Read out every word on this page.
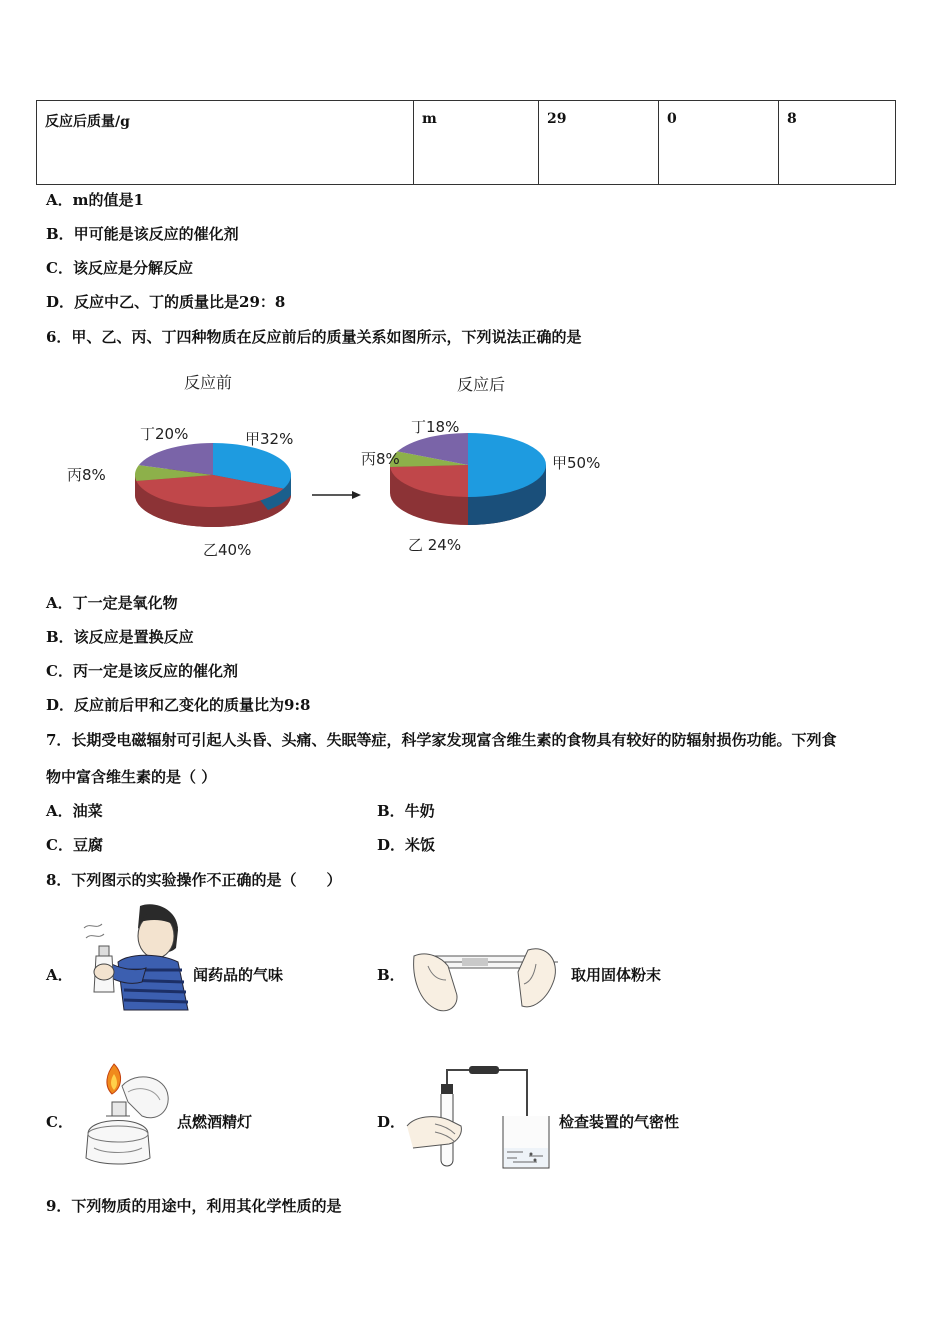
反应后质量/g	m	29	0	8
A．m的值是1
B．甲可能是该反应的催化剂
C．该反应是分解反应
D．反应中乙、丁的质量比是29：8
6．甲、乙、丙、丁四种物质在反应前后的质量关系如图所示，下列说法正确的是
反应前
甲32%
乙40%
丙8%
丁20%
反应后
甲50%
乙 24%
丙8%
丁18%
A．丁一定是氧化物
B．该反应是置换反应
C．丙一定是该反应的催化剂
D．反应前后甲和乙变化的质量比为9:8
7．长期受电磁辐射可引起人头昏、头痛、失眠等症，科学家发现富含维生素的食物具有较好的防辐射损伤功能。下列食
物中富含维生素的是（ ）
A．油菜	B．牛奶
C．豆腐	D．米饭
8．下列图示的实验操作不正确的是（　　）
A．	闻药品的气味	B．	取用固体粉末
C．	点燃酒精灯	D．	检查装置的气密性
9．下列物质的用途中，利用其化学性质的是
